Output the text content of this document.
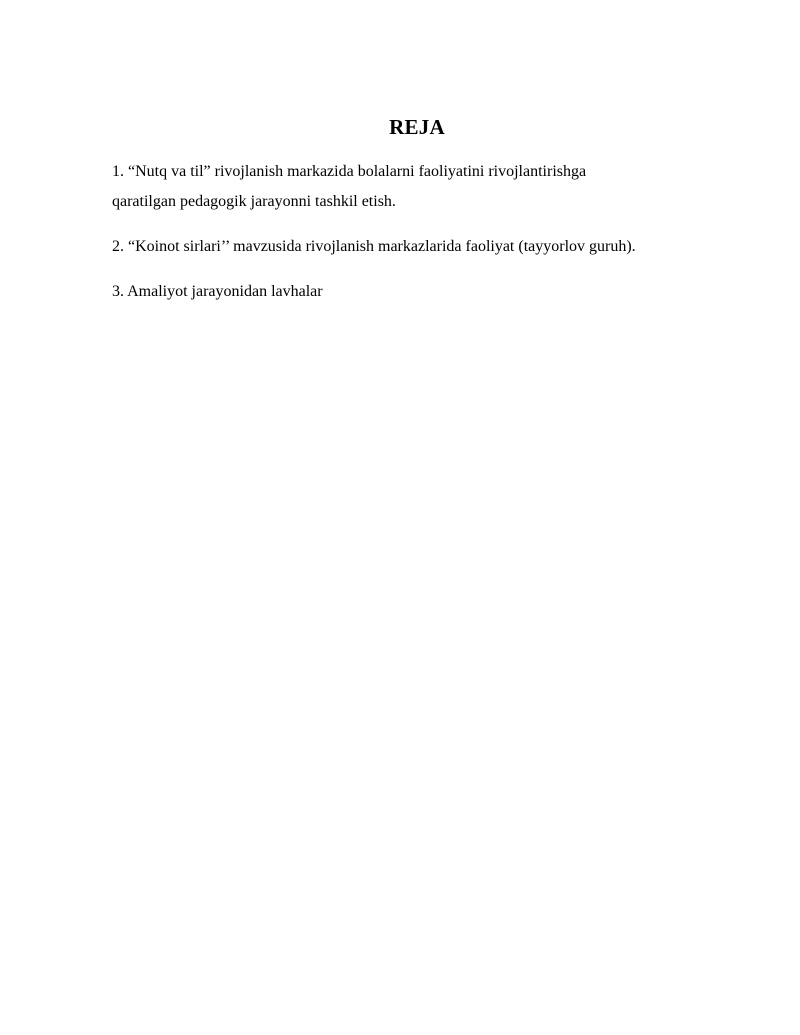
REJA
1. “Nutq va til” rivojlanish markazida bolalarni faoliyatini rivojlantirishga
qaratilgan pedagogik jarayonni tashkil etish.
2. “Koinot sirlari’’ mavzusida rivojlanish markazlarida faoliyat (tayyorlov guruh).
3. Amaliyot jarayonidan lavhalar
